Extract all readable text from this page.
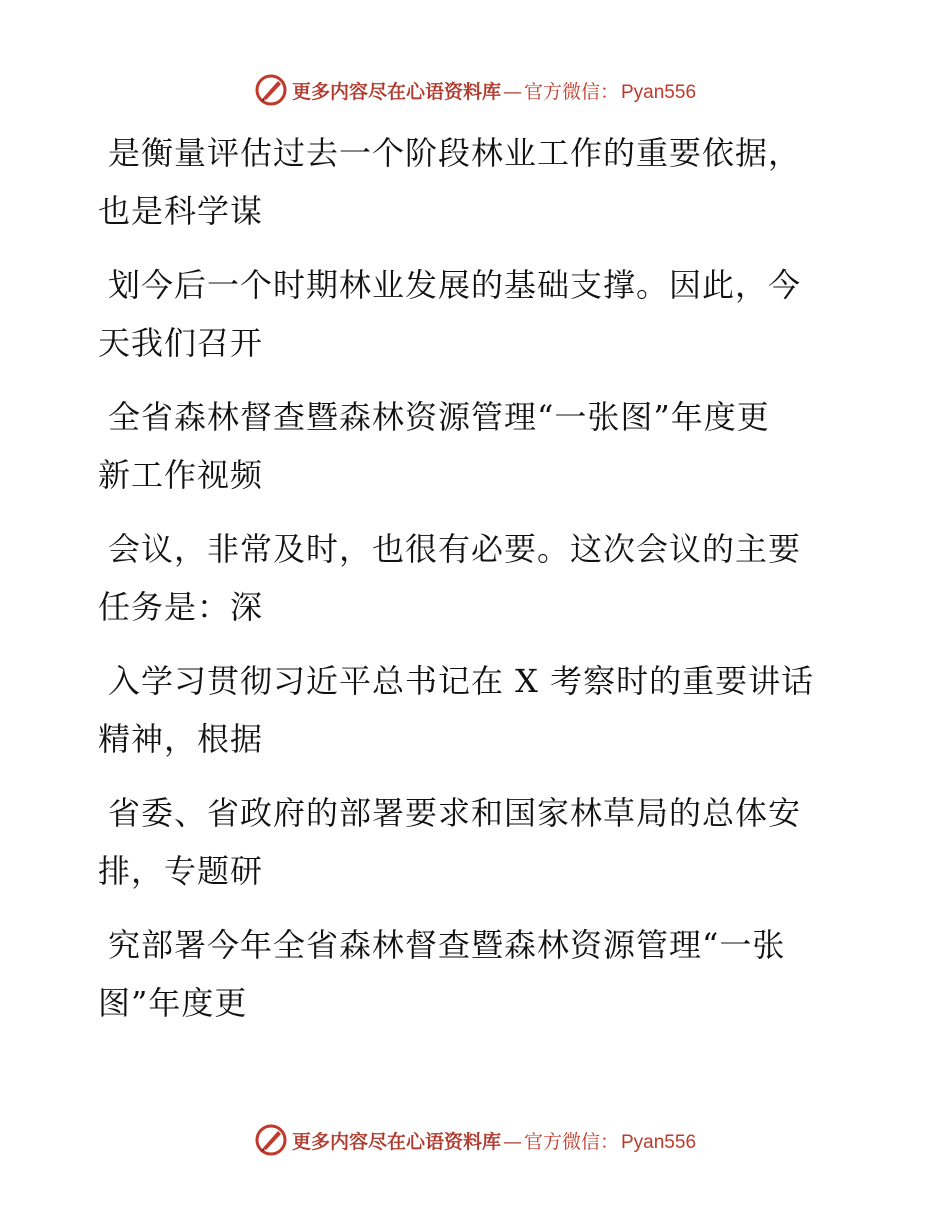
更多内容尽在心语资料库 — 官方微信： Pyan556

是衡量评估过去一个阶段林业工作的重要依据，
也是科学谋

划今后一个时期林业发展的基础支撑。因此，今
天我们召开

全省森林督查暨森林资源管理“一张图”年度更
新工作视频

会议，非常及时，也很有必要。这次会议的主要
任务是：深

入学习贯彻习近平总书记在 X 考察时的重要讲话
精神，根据

省委、省政府的部署要求和国家林草局的总体安
排，专题研

究部署今年全省森林督查暨森林资源管理“一张
图”年度更

更多内容尽在心语资料库 — 官方微信： Pyan556
